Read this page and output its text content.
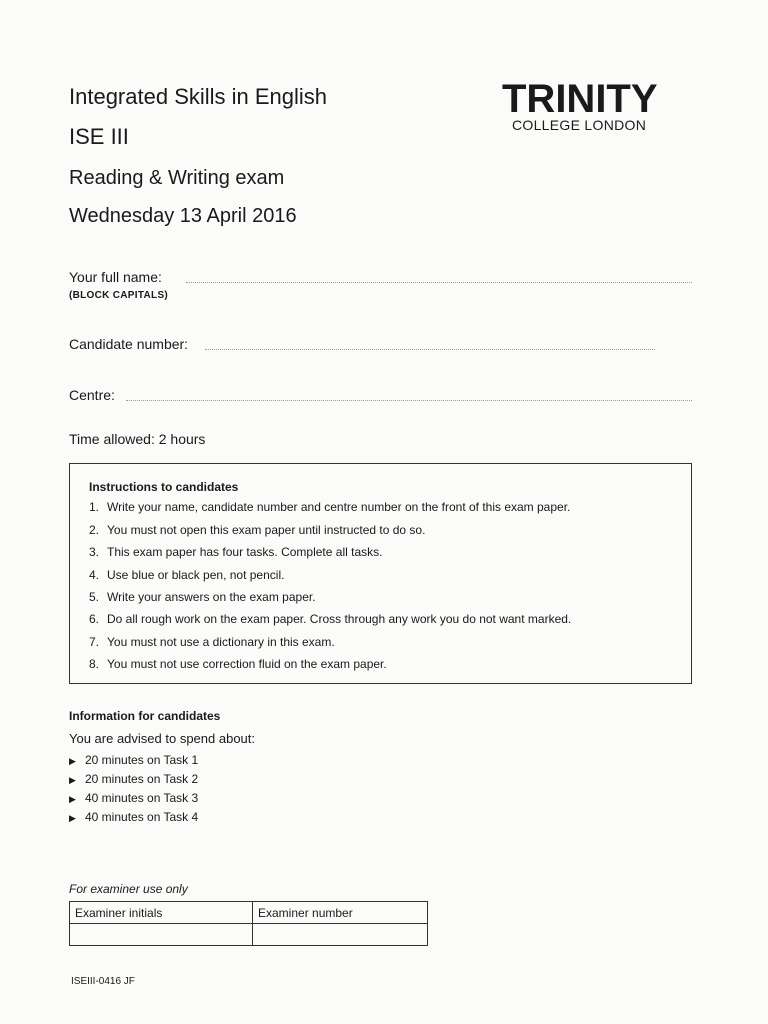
Integrated Skills in English
ISE III
Reading & Writing exam
Wednesday 13 April 2016
TRINITY
COLLEGE LONDON
Your full name:
(BLOCK CAPITALS)
Candidate number:
Centre:
Time allowed: 2 hours
Instructions to candidates
1. Write your name, candidate number and centre number on the front of this exam paper.
2. You must not open this exam paper until instructed to do so.
3. This exam paper has four tasks. Complete all tasks.
4. Use blue or black pen, not pencil.
5. Write your answers on the exam paper.
6. Do all rough work on the exam paper. Cross through any work you do not want marked.
7. You must not use a dictionary in this exam.
8. You must not use correction fluid on the exam paper.
Information for candidates
You are advised to spend about:
▶ 20 minutes on Task 1
▶ 20 minutes on Task 2
▶ 40 minutes on Task 3
▶ 40 minutes on Task 4
For examiner use only
Examiner initials	Examiner number

ISEIII-0416 JF
